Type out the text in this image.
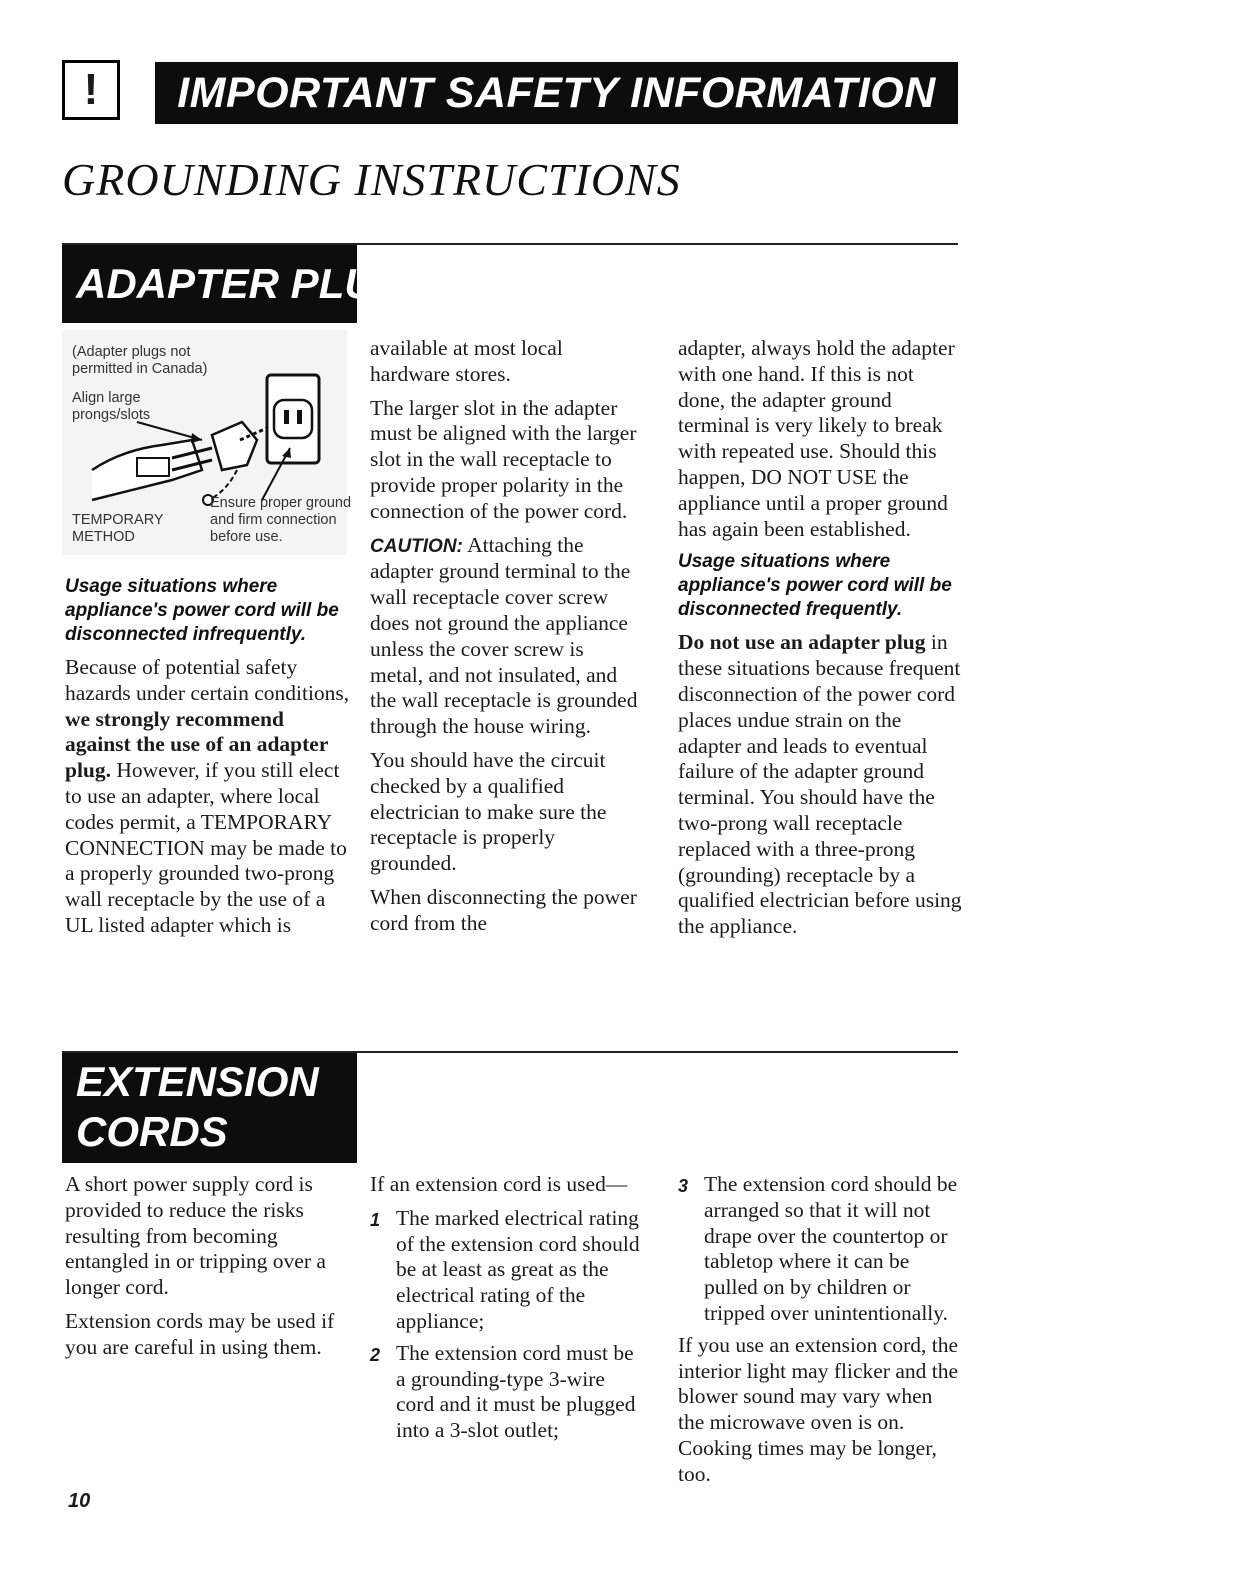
!	IMPORTANT SAFETY INFORMATION
GROUNDING INSTRUCTIONS
ADAPTER PLUGS
(Adapter plugs not
permitted in Canada)
Align large
prongs/slots
Ensure proper ground
and firm connection
before use.
TEMPORARY
METHOD

Usage situations where appliance's power cord will be disconnected infrequently.

Because of potential safety hazards under certain conditions, we strongly recommend against the use of an adapter plug. However, if you still elect to use an adapter, where local codes permit, a TEMPORARY CONNECTION may be made to a properly grounded two-prong wall receptacle by the use of a UL listed adapter which is

available at most local hardware stores.

The larger slot in the adapter must be aligned with the larger slot in the wall receptacle to provide proper polarity in the connection of the power cord.

CAUTION: Attaching the adapter ground terminal to the wall receptacle cover screw does not ground the appliance unless the cover screw is metal, and not insulated, and the wall receptacle is grounded through the house wiring.

You should have the circuit checked by a qualified electrician to make sure the receptacle is properly grounded.

When disconnecting the power cord from the

adapter, always hold the adapter with one hand. If this is not done, the adapter ground terminal is very likely to break with repeated use. Should this happen, DO NOT USE the appliance until a proper ground has again been established.

Usage situations where appliance's power cord will be disconnected frequently.

Do not use an adapter plug in these situations because frequent disconnection of the power cord places undue strain on the adapter and leads to eventual failure of the adapter ground terminal. You should have the two-prong wall receptacle replaced with a three-prong (grounding) receptacle by a qualified electrician before using the appliance.

EXTENSION
CORDS

A short power supply cord is provided to reduce the risks resulting from becoming entangled in or tripping over a longer cord.

Extension cords may be used if you are careful in using them.

If an extension cord is used—

1 The marked electrical rating of the extension cord should be at least as great as the electrical rating of the appliance;
2 The extension cord must be a grounding-type 3-wire cord and it must be plugged into a 3-slot outlet;
3 The extension cord should be arranged so that it will not drape over the countertop or tabletop where it can be pulled on by children or tripped over unintentionally.

If you use an extension cord, the interior light may flicker and the blower sound may vary when the microwave oven is on. Cooking times may be longer, too.

10
